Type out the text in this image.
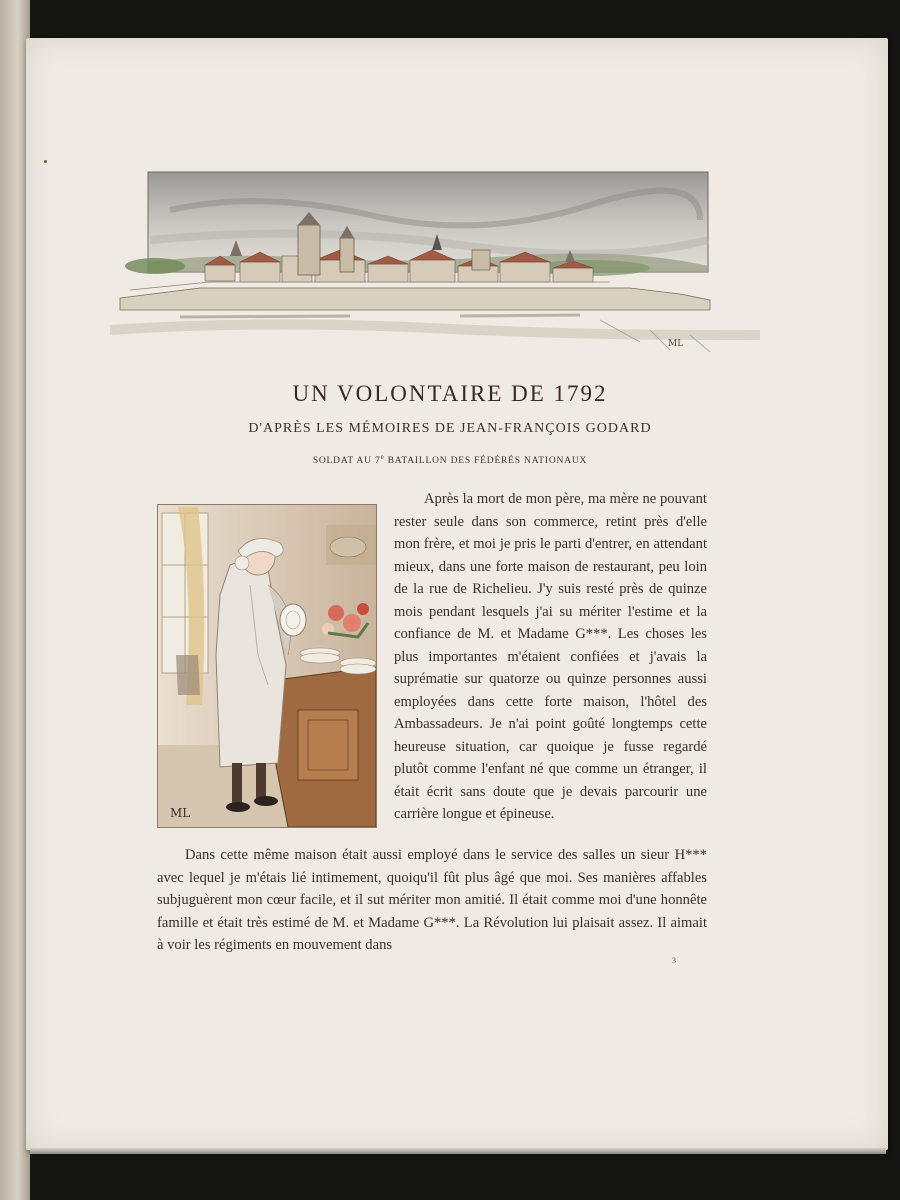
ML
UN VOLONTAIRE DE 1792
D'APRÈS LES MÉMOIRES DE JEAN-FRANÇOIS GODARD
SOLDAT AU 7e BATAILLON DES FÉDÉRÉS NATIONAUX
ML
Après la mort de mon père, ma mère ne pouvant rester seule dans son commerce, retint près d'elle mon frère, et moi je pris le parti d'entrer, en attendant mieux, dans une forte maison de restaurant, peu loin de la rue de Richelieu. J'y suis resté près de quinze mois pendant lesquels j'ai su mériter l'estime et la confiance de M. et Madame G***. Les choses les plus importantes m'étaient confiées et j'avais la suprématie sur quatorze ou quinze personnes aussi employées dans cette forte maison, l'hôtel des Ambassadeurs. Je n'ai point goûté longtemps cette heureuse situation, car quoique je fusse regardé plutôt comme l'enfant né que comme un étranger, il était écrit sans doute que je devais parcourir une carrière longue et épineuse.
Dans cette même maison était aussi employé dans le service des salles un sieur H*** avec lequel je m'étais lié intimement, quoiqu'il fût plus âgé que moi. Ses manières affables subjuguèrent mon cœur facile, et il sut mériter mon amitié. Il était comme moi d'une honnête famille et était très estimé de M. et Madame G***. La Révolution lui plaisait assez. Il aimait à voir les régiments en mouvement dans
3
